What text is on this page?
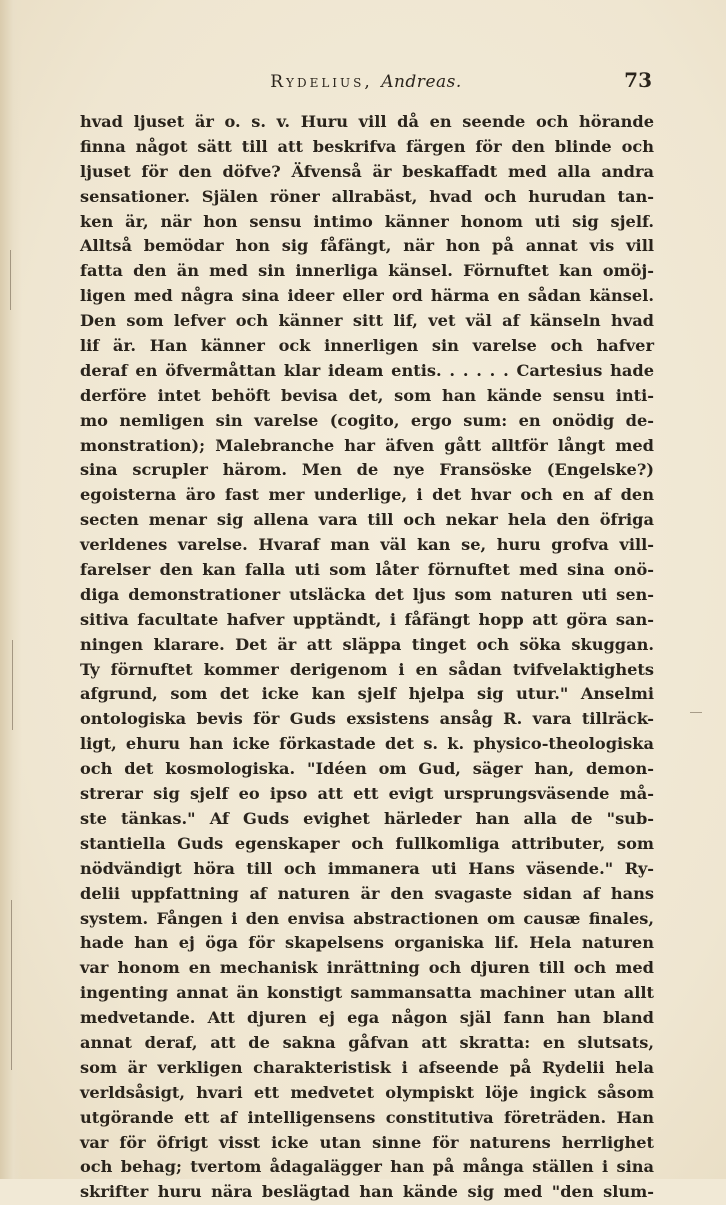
Rydelius, Andreas.	73
hvad ljuset är o. s. v. Huru vill då en seende och hörande
finna något sätt till att beskrifva färgen för den blinde och
ljuset för den döfve? Äfvenså är beskaffadt med alla andra
sensationer. Själen röner allrabäst, hvad och hurudan tan-
ken är, när hon sensu intimo känner honom uti sig sjelf.
Alltså bemödar hon sig fåfängt, när hon på annat vis vill
fatta den än med sin innerliga känsel. Förnuftet kan omöj-
ligen med några sina ideer eller ord härma en sådan känsel.
Den som lefver och känner sitt lif, vet väl af känseln hvad
lif är. Han känner ock innerligen sin varelse och hafver
deraf en öfvermåttan klar ideam entis. . . . . . Cartesius hade
derföre intet behöft bevisa det, som han kände sensu inti-
mo nemligen sin varelse (cogito, ergo sum: en onödig de-
monstration); Malebranche har äfven gått alltför långt med
sina scrupler härom. Men de nye Fransöske (Engelske?)
egoisterna äro fast mer underlige, i det hvar och en af den
secten menar sig allena vara till och nekar hela den öfriga
verldenes varelse. Hvaraf man väl kan se, huru grofva vill-
farelser den kan falla uti som låter förnuftet med sina onö-
diga demonstrationer utsläcka det ljus som naturen uti sen-
sitiva facultate hafver upptändt, i fåfängt hopp att göra san-
ningen klarare. Det är att släppa tinget och söka skuggan.
Ty förnuftet kommer derigenom i en sådan tvifvelaktighets
afgrund, som det icke kan sjelf hjelpa sig utur." Anselmi
ontologiska bevis för Guds exsistens ansåg R. vara tillräck-
ligt, ehuru han icke förkastade det s. k. physico-theologiska
och det kosmologiska. "Idéen om Gud, säger han, demon-
strerar sig sjelf eo ipso att ett evigt ursprungsväsende må-
ste tänkas." Af Guds evighet härleder han alla de "sub-
stantiella Guds egenskaper och fullkomliga attributer, som
nödvändigt höra till och immanera uti Hans väsende." Ry-
delii uppfattning af naturen är den svagaste sidan af hans
system. Fången i den envisa abstractionen om causæ finales,
hade han ej öga för skapelsens organiska lif. Hela naturen
var honom en mechanisk inrättning och djuren till och med
ingenting annat än konstigt sammansatta machiner utan allt
medvetande. Att djuren ej ega någon själ fann han bland
annat deraf, att de sakna gåfvan att skratta: en slutsats,
som är verkligen charakteristisk i afseende på Rydelii hela
verldsåsigt, hvari ett medvetet olympiskt löje ingick såsom
utgörande ett af intelligensens constitutiva företräden. Han
var för öfrigt visst icke utan sinne för naturens herrlighet
och behag; tvertom ådagalägger han på många ställen i sina
skrifter huru nära beslägtad han kände sig med "den slum-
